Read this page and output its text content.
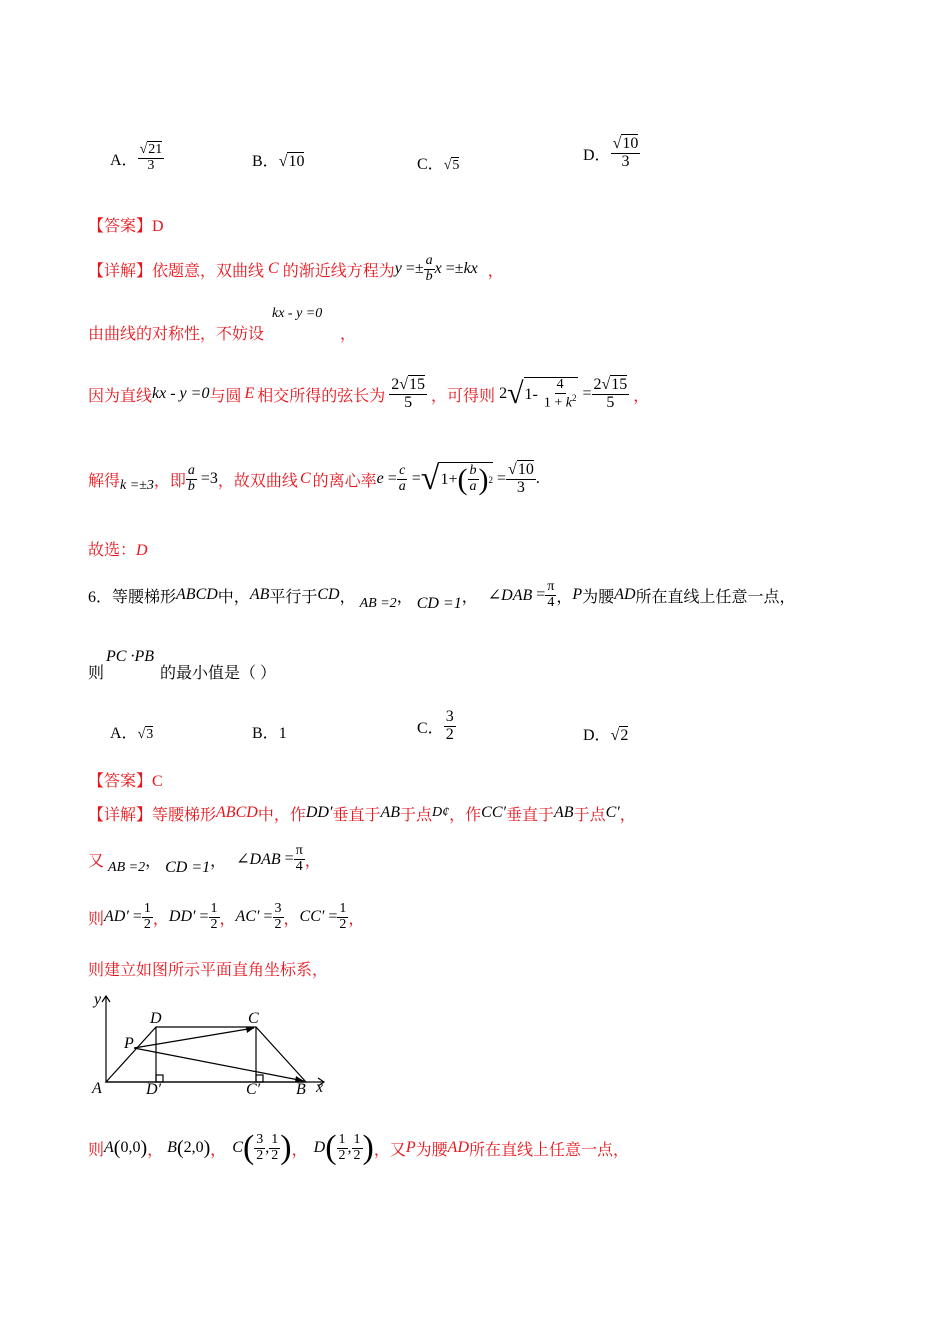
A． $\frac{√21}{3}$	B．√10	C．√5
D． $\frac{√10}{3}$
【答案】D
【详解】 依题意，双曲线 C 的渐近线方程为 $y =\pm \frac{a}{b}$ x =± kx ，
由曲线的对称性，不妨设
kx - y =0
，
因为直线 kx - y =0 与圆 E 相交所得的弦长为 $\frac{2√15}{5}$ ，可得则 2 √ $1- \frac{4}{1 + k^2} = \frac{2√15}{5}$ ，
解得 k =±3 ，即 $\frac{a}{b} =3$ ，故双曲线 C 的离心率 $e = \frac{c}{a}$ = √ 1+ ( $\frac{b}{a}$ ) $2 = \frac{√10}{3}$ .
故选：D
6．等腰梯形 ABCD 中， AB 平行于 CD ， AB =2 ， CD =1 ， ∠DAB = $\frac{\pi}{4}$ ， P 为腰 AD 所在直线上任意一点，
则
PC ·PB
的最小值是（ ）
A．√3	B．1	C． $\frac{3}{2}$	D．√2
【答案】C
【详解】 等腰梯形 ABCD 中，作 DD′ 垂直于 AB 于点 D¢ ， 作 CC′ 垂直于 AB 于点 C′ ，
又 AB =2 ， CD =1 ， ∠DAB = $\frac{\pi}{4}$ ，
则 $AD' = \frac{1}{2}$ ， $DD' = \frac{1}{2}$ ， $AC' = \frac{3}{2}$ ， $CC' = \frac{1}{2}$ ，
则建立如图所示平面直角坐标系，
y
x
A	B
C
D
P
D′	C′
则 A ( 0,0 ) ， B ( 2,0 ) ， C ( $\frac{3}{2}$ , $\frac{1}{2}$ ) ， D ( $\frac{1}{2}$ , $\frac{1}{2}$ ) ，又 P 为腰 AD 所在直线上任意一点，
